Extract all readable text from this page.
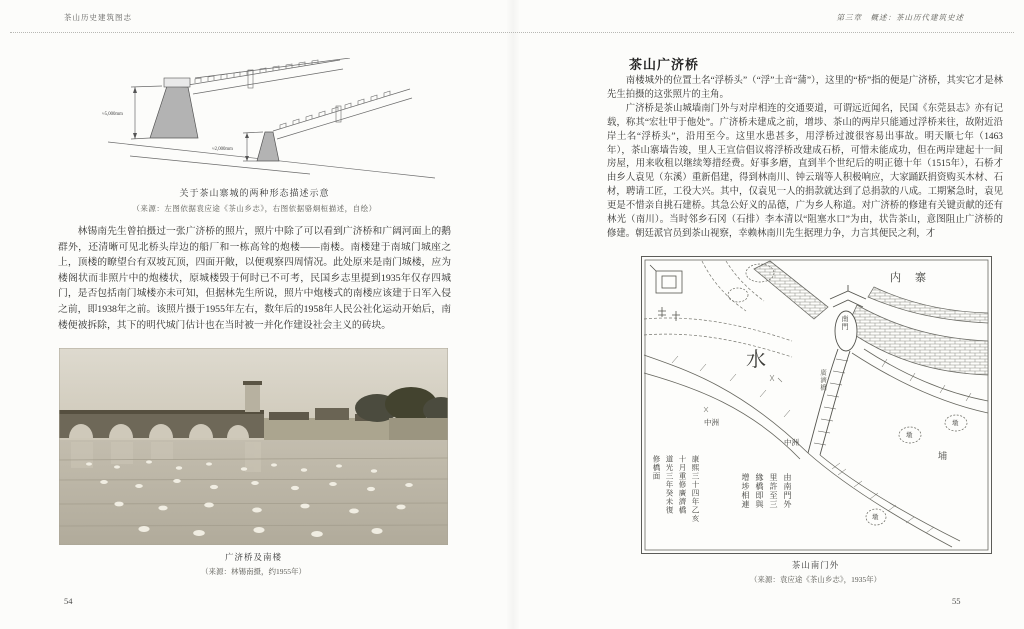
茶山历史建筑图志	第三章　概述：茶山历代建筑史述
≈5,000mm
≈2,000mm
关于茶山寨城的两种形态描述示意
（来源：左图依据袁应途《茶山乡志》，右图依据骆炯桓描述，自绘）

林锡南先生曾拍摄过一张广济桥的照片，照片中除了可以看到广济桥和广阔河面上的鹅群外，还清晰可见北桥头岸边的船厂和一栋高耸的炮楼——南楼。南楼建于南城门城座之上，顶楼的瞭望台有双坡瓦顶，四面开敞，以便观察四周情况。此处原来是南门城楼，应为楼阁状而非照片中的炮楼状，原城楼毁于何时已不可考，民国乡志里提到1935年仅存四城门，是否包括南门城楼亦未可知，但据林先生所说，照片中炮楼式的南楼应该建于日军入侵之前，即1938年之前。该照片摄于1955年左右，数年后的1958年人民公社化运动开始后，南楼便被拆除，其下的明代城门估计也在当时被一并化作建设社会主义的砖块。

广济桥及南楼
（来源：林锡南摄，约1955年）
54
茶山广济桥

南楼城外的位置土名“浮桥头”（“浮”土音“蒲”），这里的“桥”指的便是广济桥，其实它才是林先生拍摄的这张照片的主角。

广济桥是茶山城墙南门外与对岸相连的交通要道，可谓远近闻名，民国《东莞县志》亦有记载，称其“宏壮甲于他处”。广济桥未建成之前，增埗、茶山的两岸只能通过浮桥来往，故附近沿岸土名“浮桥头”，沿用至今。这里水患甚多，用浮桥过渡很容易出事故。明天顺七年（1463年），茶山寨墙告竣，里人王宣信倡议将浮桥改建成石桥，可惜未能成功，但在两岸建起十一间房屋，用来收租以继续筹措经费。好事多磨，直到半个世纪后的明正德十年（1515年），石桥才由乡人袁见（东溪）重新倡建，得到林南川、钟云瑞等人积极响应，大家踊跃捐资购买木材、石材，聘请工匠，工役大兴。其中，仅袁见一人的捐款就达到了总捐款的八成。工期紧急时，袁见更是不惜亲自挑石建桥。其急公好义的品德，广为乡人称道。对广济桥的修建有关键贡献的还有林光（南川）。当时邻乡石冈（石排）李本清以“阻塞水口”为由，状告茶山，意图阻止广济桥的修建。朝廷派官员到茶山视察，幸赖林南川先生据理力争，力言其便民之利，才

内寨
南門
廣濟橋
水
中洲
中洲
埔
墩
墩
墩
由南門外
里許至三
緣橋即與
增埗相連
康熙三十四年乙亥
十月重修廣濟橋
道光三年癸未復
修橋面
茶山南门外
（来源：袁应途《茶山乡志》，1935年）
55
